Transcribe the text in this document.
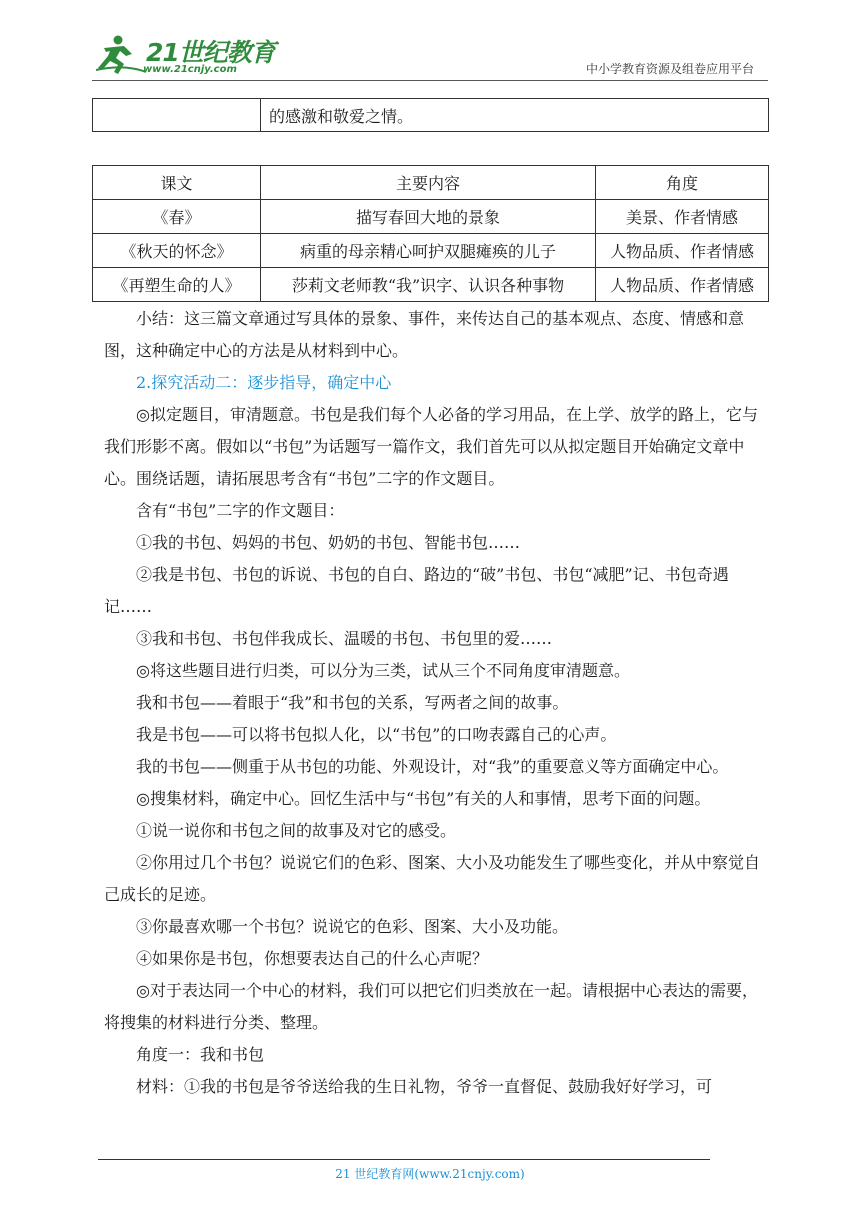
21世纪教育
www.21cnjy.com	中小学教育资源及组卷应用平台
	的感激和敬爱之情。
课文	主要内容	角度
《春》	描写春回大地的景象	美景、作者情感
《秋天的怀念》	病重的母亲精心呵护双腿瘫痪的儿子	人物品质、作者情感
《再塑生命的人》	莎莉文老师教“我”识字、认识各种事物	人物品质、作者情感

小结：这三篇文章通过写具体的景象、事件，来传达自己的基本观点、态度、情感和意图，这种确定中心的方法是从材料到中心。

2.探究活动二：逐步指导，确定中心

◎拟定题目，审清题意。书包是我们每个人必备的学习用品，在上学、放学的路上，它与我们形影不离。假如以“书包”为话题写一篇作文，我们首先可以从拟定题目开始确定文章中心。围绕话题，请拓展思考含有“书包”二字的作文题目。

含有“书包”二字的作文题目：

①我的书包、妈妈的书包、奶奶的书包、智能书包……

②我是书包、书包的诉说、书包的自白、路边的“破”书包、书包“减肥”记、书包奇遇记……

③我和书包、书包伴我成长、温暖的书包、书包里的爱……

◎将这些题目进行归类，可以分为三类，试从三个不同角度审清题意。

我和书包——着眼于“我”和书包的关系，写两者之间的故事。

我是书包——可以将书包拟人化，以“书包”的口吻表露自己的心声。

我的书包——侧重于从书包的功能、外观设计，对“我”的重要意义等方面确定中心。

◎搜集材料，确定中心。回忆生活中与“书包”有关的人和事情，思考下面的问题。

①说一说你和书包之间的故事及对它的感受。

②你用过几个书包？说说它们的色彩、图案、大小及功能发生了哪些变化，并从中察觉自己成长的足迹。

③你最喜欢哪一个书包？说说它的色彩、图案、大小及功能。

④如果你是书包，你想要表达自己的什么心声呢？

◎对于表达同一个中心的材料，我们可以把它们归类放在一起。请根据中心表达的需要，将搜集的材料进行分类、整理。

角度一：我和书包

材料：①我的书包是爷爷送给我的生日礼物，爷爷一直督促、鼓励我好好学习，可

21 世纪教育网(www.21cnjy.com)
